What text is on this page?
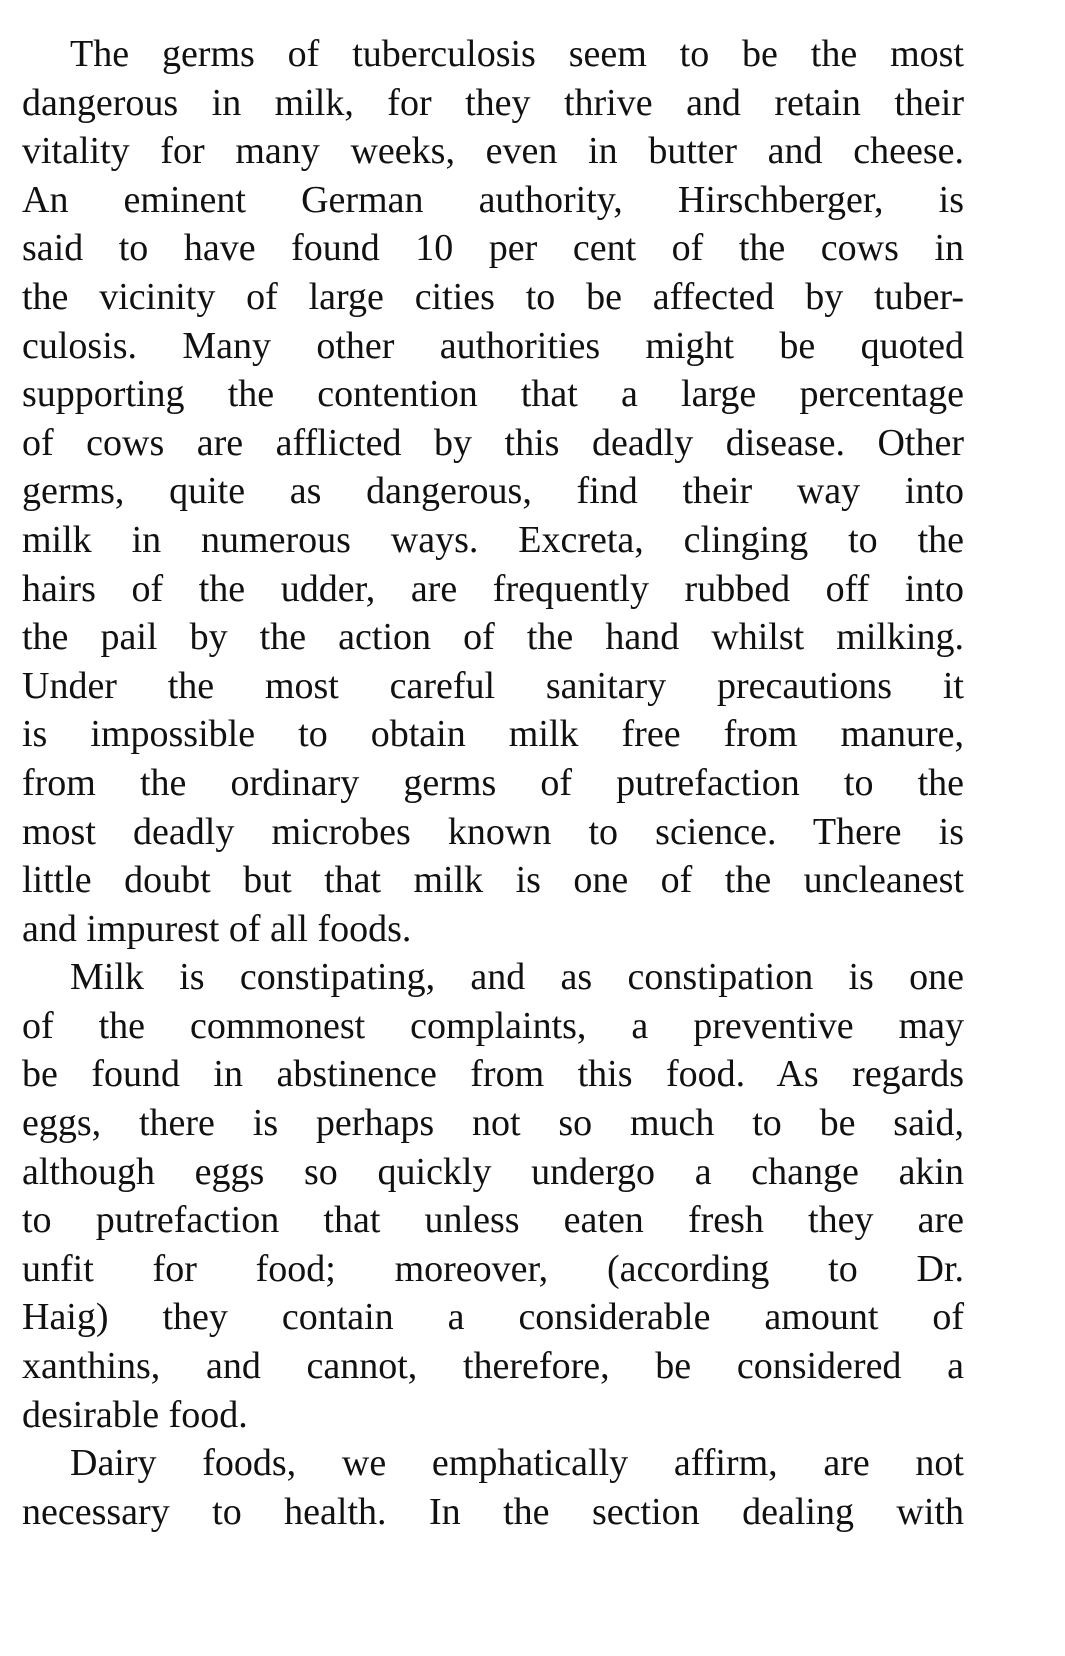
The germs of tuberculosis seem to be the most
dangerous in milk, for they thrive and retain their
vitality for many weeks, even in butter and cheese.
An eminent German authority, Hirschberger, is
said to have found 10 per cent of the cows in
the vicinity of large cities to be affected by tuber-
culosis. Many other authorities might be quoted
supporting the contention that a large percentage
of cows are afflicted by this deadly disease. Other
germs, quite as dangerous, find their way into
milk in numerous ways. Excreta, clinging to the
hairs of the udder, are frequently rubbed off into
the pail by the action of the hand whilst milking.
Under the most careful sanitary precautions it
is impossible to obtain milk free from manure,
from the ordinary germs of putrefaction to the
most deadly microbes known to science. There is
little doubt but that milk is one of the uncleanest
and impurest of all foods.

Milk is constipating, and as constipation is one
of the commonest complaints, a preventive may
be found in abstinence from this food. As regards
eggs, there is perhaps not so much to be said,
although eggs so quickly undergo a change akin
to putrefaction that unless eaten fresh they are
unfit for food; moreover, (according to Dr.
Haig) they contain a considerable amount of
xanthins, and cannot, therefore, be considered a
desirable food.

Dairy foods, we emphatically affirm, are not
necessary to health. In the section dealing with
